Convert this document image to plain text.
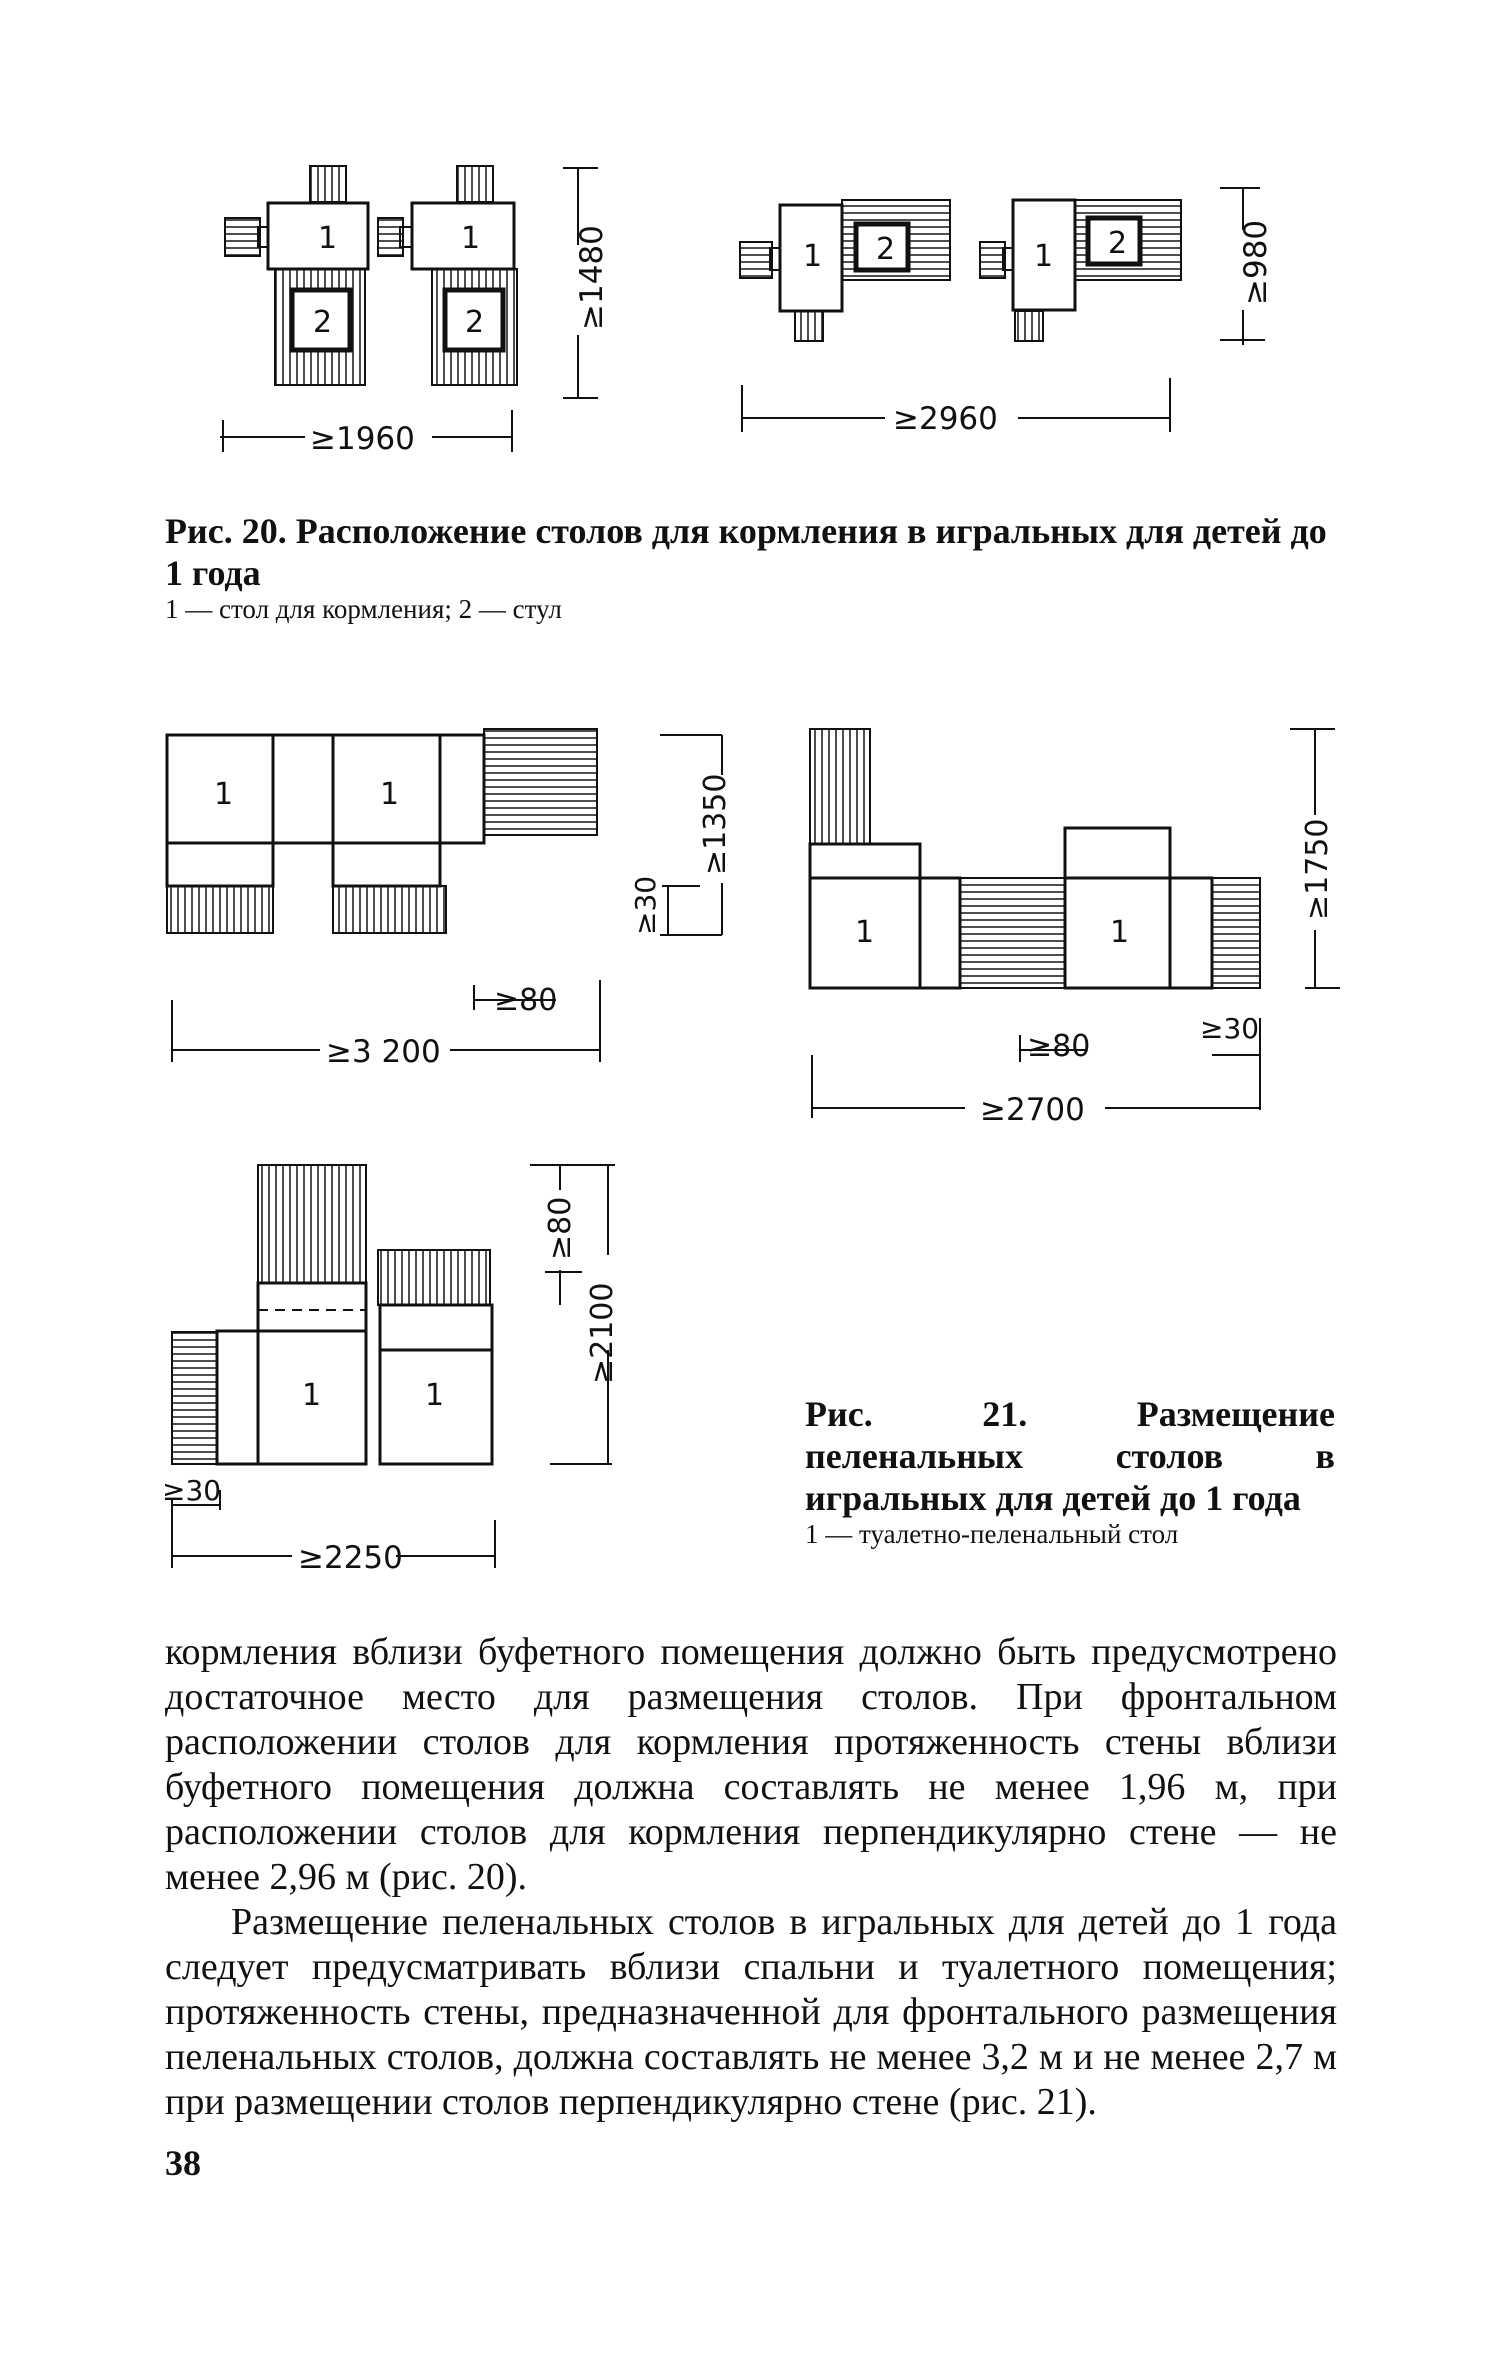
1	1
2	2
≥1960
≥1480	1	1
2	2
≥2960
≥980
1	1	≥1350
≥30
≥80
≥3 200
1	1
≥1750
≥80
≥30
≥2700
1	1
≥80
≥2100
≥30
≥2250
Рис. 20. Расположение столов для кормления в игральных для детей до 1 года
1 — стол для кормления; 2 — стул
Рис. 21. Размещение пеленальных столов в игральных для детей до 1 года
1 — туалетно-пеленальный стол

кормления вблизи буфетного помещения должно быть предусмотрено достаточное место для размещения столов. При фронтальном расположении столов для кормления протяженность стены вблизи буфетного помещения должна составлять не менее 1,96 м, при расположении столов для кормления перпендикулярно стене — не менее 2,96 м (рис. 20).

Размещение пеленальных столов в игральных для детей до 1 года следует предусматривать вблизи спальни и туалетного помещения; протяженность стены, предназначенной для фронтального размещения пеленальных столов, должна составлять не менее 3,2 м и не менее 2,7 м при размещении столов перпендикулярно стене (рис. 21).

38
